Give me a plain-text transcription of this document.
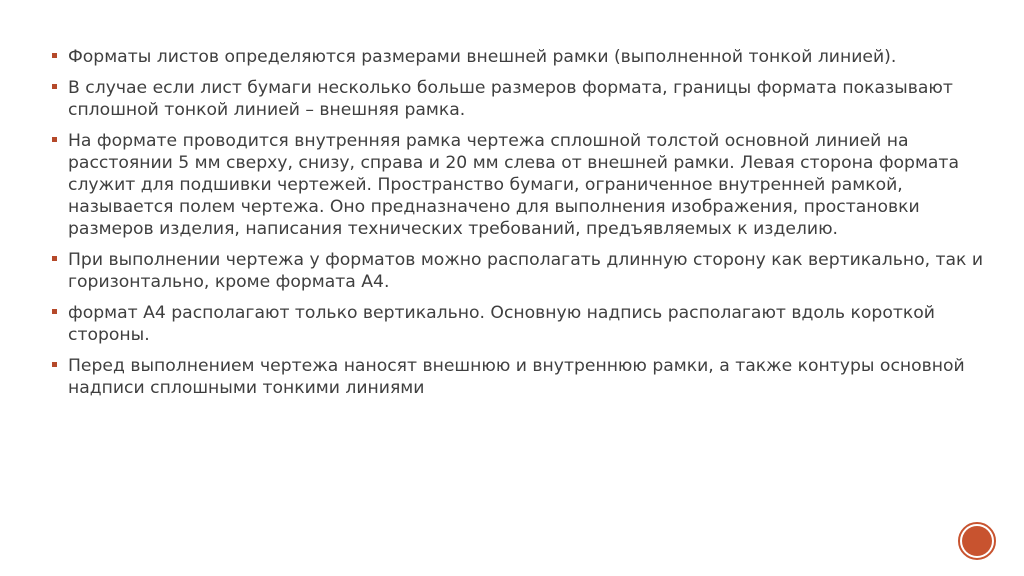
Форматы листов определяются размерами внешней рамки (выполненной тонкой линией).
В случае если лист бумаги несколько больше размеров формата, границы формата показывают сплошной тонкой линией – внешняя рамка.
На формате проводится внутренняя рамка чертежа сплошной толстой основной линией на расстоянии 5 мм сверху, снизу, справа и 20 мм слева от внешней рамки. Левая сторона формата служит для подшивки чертежей. Пространство бумаги, ограниченное внутренней рамкой, называется полем чертежа. Оно предназначено для выполнения изображения, простановки размеров изделия, написания технических требований, предъявляемых к изделию.
При выполнении чертежа у форматов можно располагать длинную сторону как вертикально, так и горизонтально, кроме формата А4.
формат А4 располагают только вертикально. Основную надпись располагают вдоль короткой стороны.
Перед выполнением чертежа наносят внешнюю и внутреннюю рамки, а также контуры основной надписи сплошными тонкими линиями
